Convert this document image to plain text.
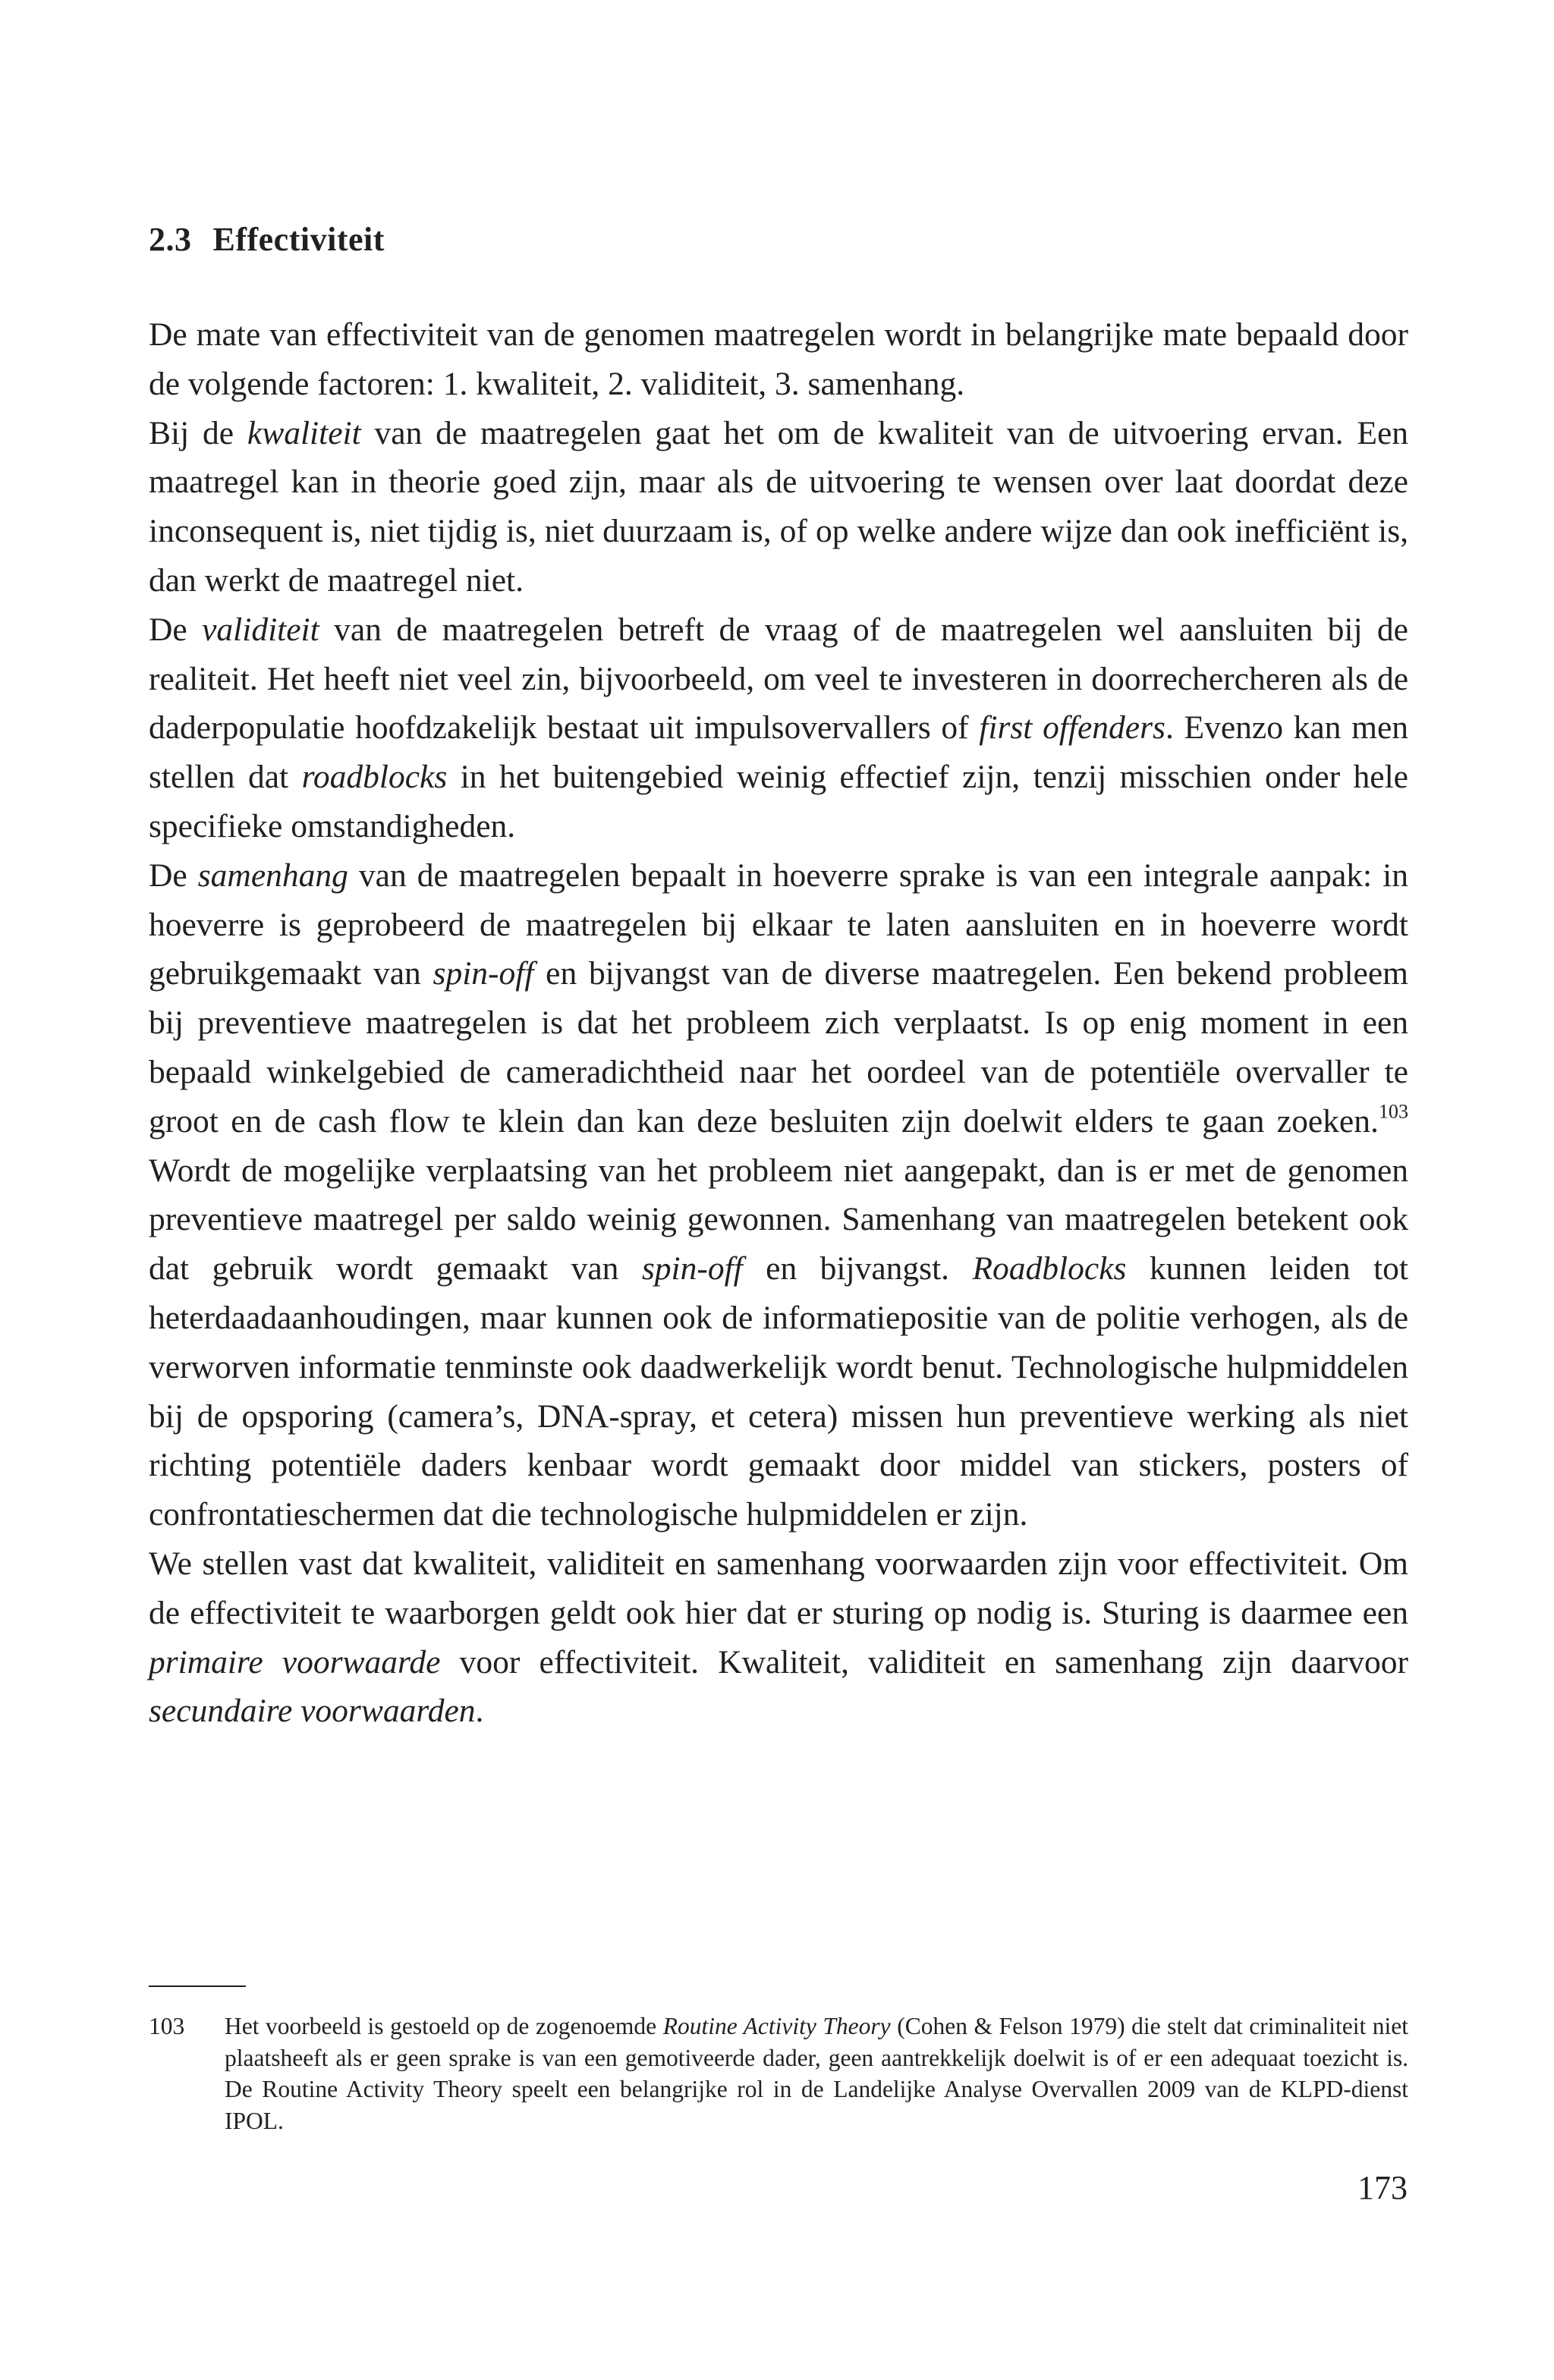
2.3 Effectiviteit

De mate van effectiviteit van de genomen maatregelen wordt in belangrijke mate bepaald door de volgende factoren: 1. kwaliteit, 2. validiteit, 3. samenhang.

Bij de kwaliteit van de maatregelen gaat het om de kwaliteit van de uitvoering ervan. Een maatregel kan in theorie goed zijn, maar als de uitvoering te wensen over laat doordat deze inconsequent is, niet tijdig is, niet duurzaam is, of op welke andere wijze dan ook inefficiënt is, dan werkt de maatregel niet.

De validiteit van de maatregelen betreft de vraag of de maatregelen wel aansluiten bij de realiteit. Het heeft niet veel zin, bijvoorbeeld, om veel te investeren in doorrechercheren als de daderpopulatie hoofdzakelijk bestaat uit impulsovervallers of first offenders. Evenzo kan men stellen dat roadblocks in het buitengebied weinig effectief zijn, tenzij misschien onder hele specifieke omstandigheden.

De samenhang van de maatregelen bepaalt in hoeverre sprake is van een integrale aanpak: in hoeverre is geprobeerd de maatregelen bij elkaar te laten aansluiten en in hoeverre wordt gebruikgemaakt van spin-off en bijvangst van de diverse maatregelen. Een bekend probleem bij preventieve maatregelen is dat het probleem zich verplaatst. Is op enig moment in een bepaald winkelgebied de cameradichtheid naar het oordeel van de potentiële overvaller te groot en de cash flow te klein dan kan deze besluiten zijn doelwit elders te gaan zoeken.$^{103}$ Wordt de mogelijke verplaatsing van het probleem niet aangepakt, dan is er met de genomen preventieve maatregel per saldo weinig gewonnen. Samenhang van maatregelen betekent ook dat gebruik wordt gemaakt van spin-off en bijvangst. Roadblocks kunnen leiden tot heterdaadaanhoudingen, maar kunnen ook de informatiepositie van de politie verhogen, als de verworven informatie tenminste ook daadwerkelijk wordt benut. Technologische hulpmiddelen bij de opsporing (camera’s, DNA-spray, et cetera) missen hun preventieve werking als niet richting potentiële daders kenbaar wordt gemaakt door middel van stickers, posters of confrontatieschermen dat die technologische hulpmiddelen er zijn.

We stellen vast dat kwaliteit, validiteit en samenhang voorwaarden zijn voor effectiviteit. Om de effectiviteit te waarborgen geldt ook hier dat er sturing op nodig is. Sturing is daarmee een primaire voorwaarde voor effectiviteit. Kwaliteit, validiteit en samenhang zijn daarvoor secundaire voorwaarden.

103 Het voorbeeld is gestoeld op de zogenoemde Routine Activity Theory (Cohen & Felson 1979) die stelt dat criminaliteit niet plaatsheeft als er geen sprake is van een gemotiveerde dader, geen aantrekkelijk doelwit is of er een adequaat toezicht is. De Routine Activity Theory speelt een belangrijke rol in de Landelijke Analyse Overvallen 2009 van de KLPD-dienst IPOL.
173
